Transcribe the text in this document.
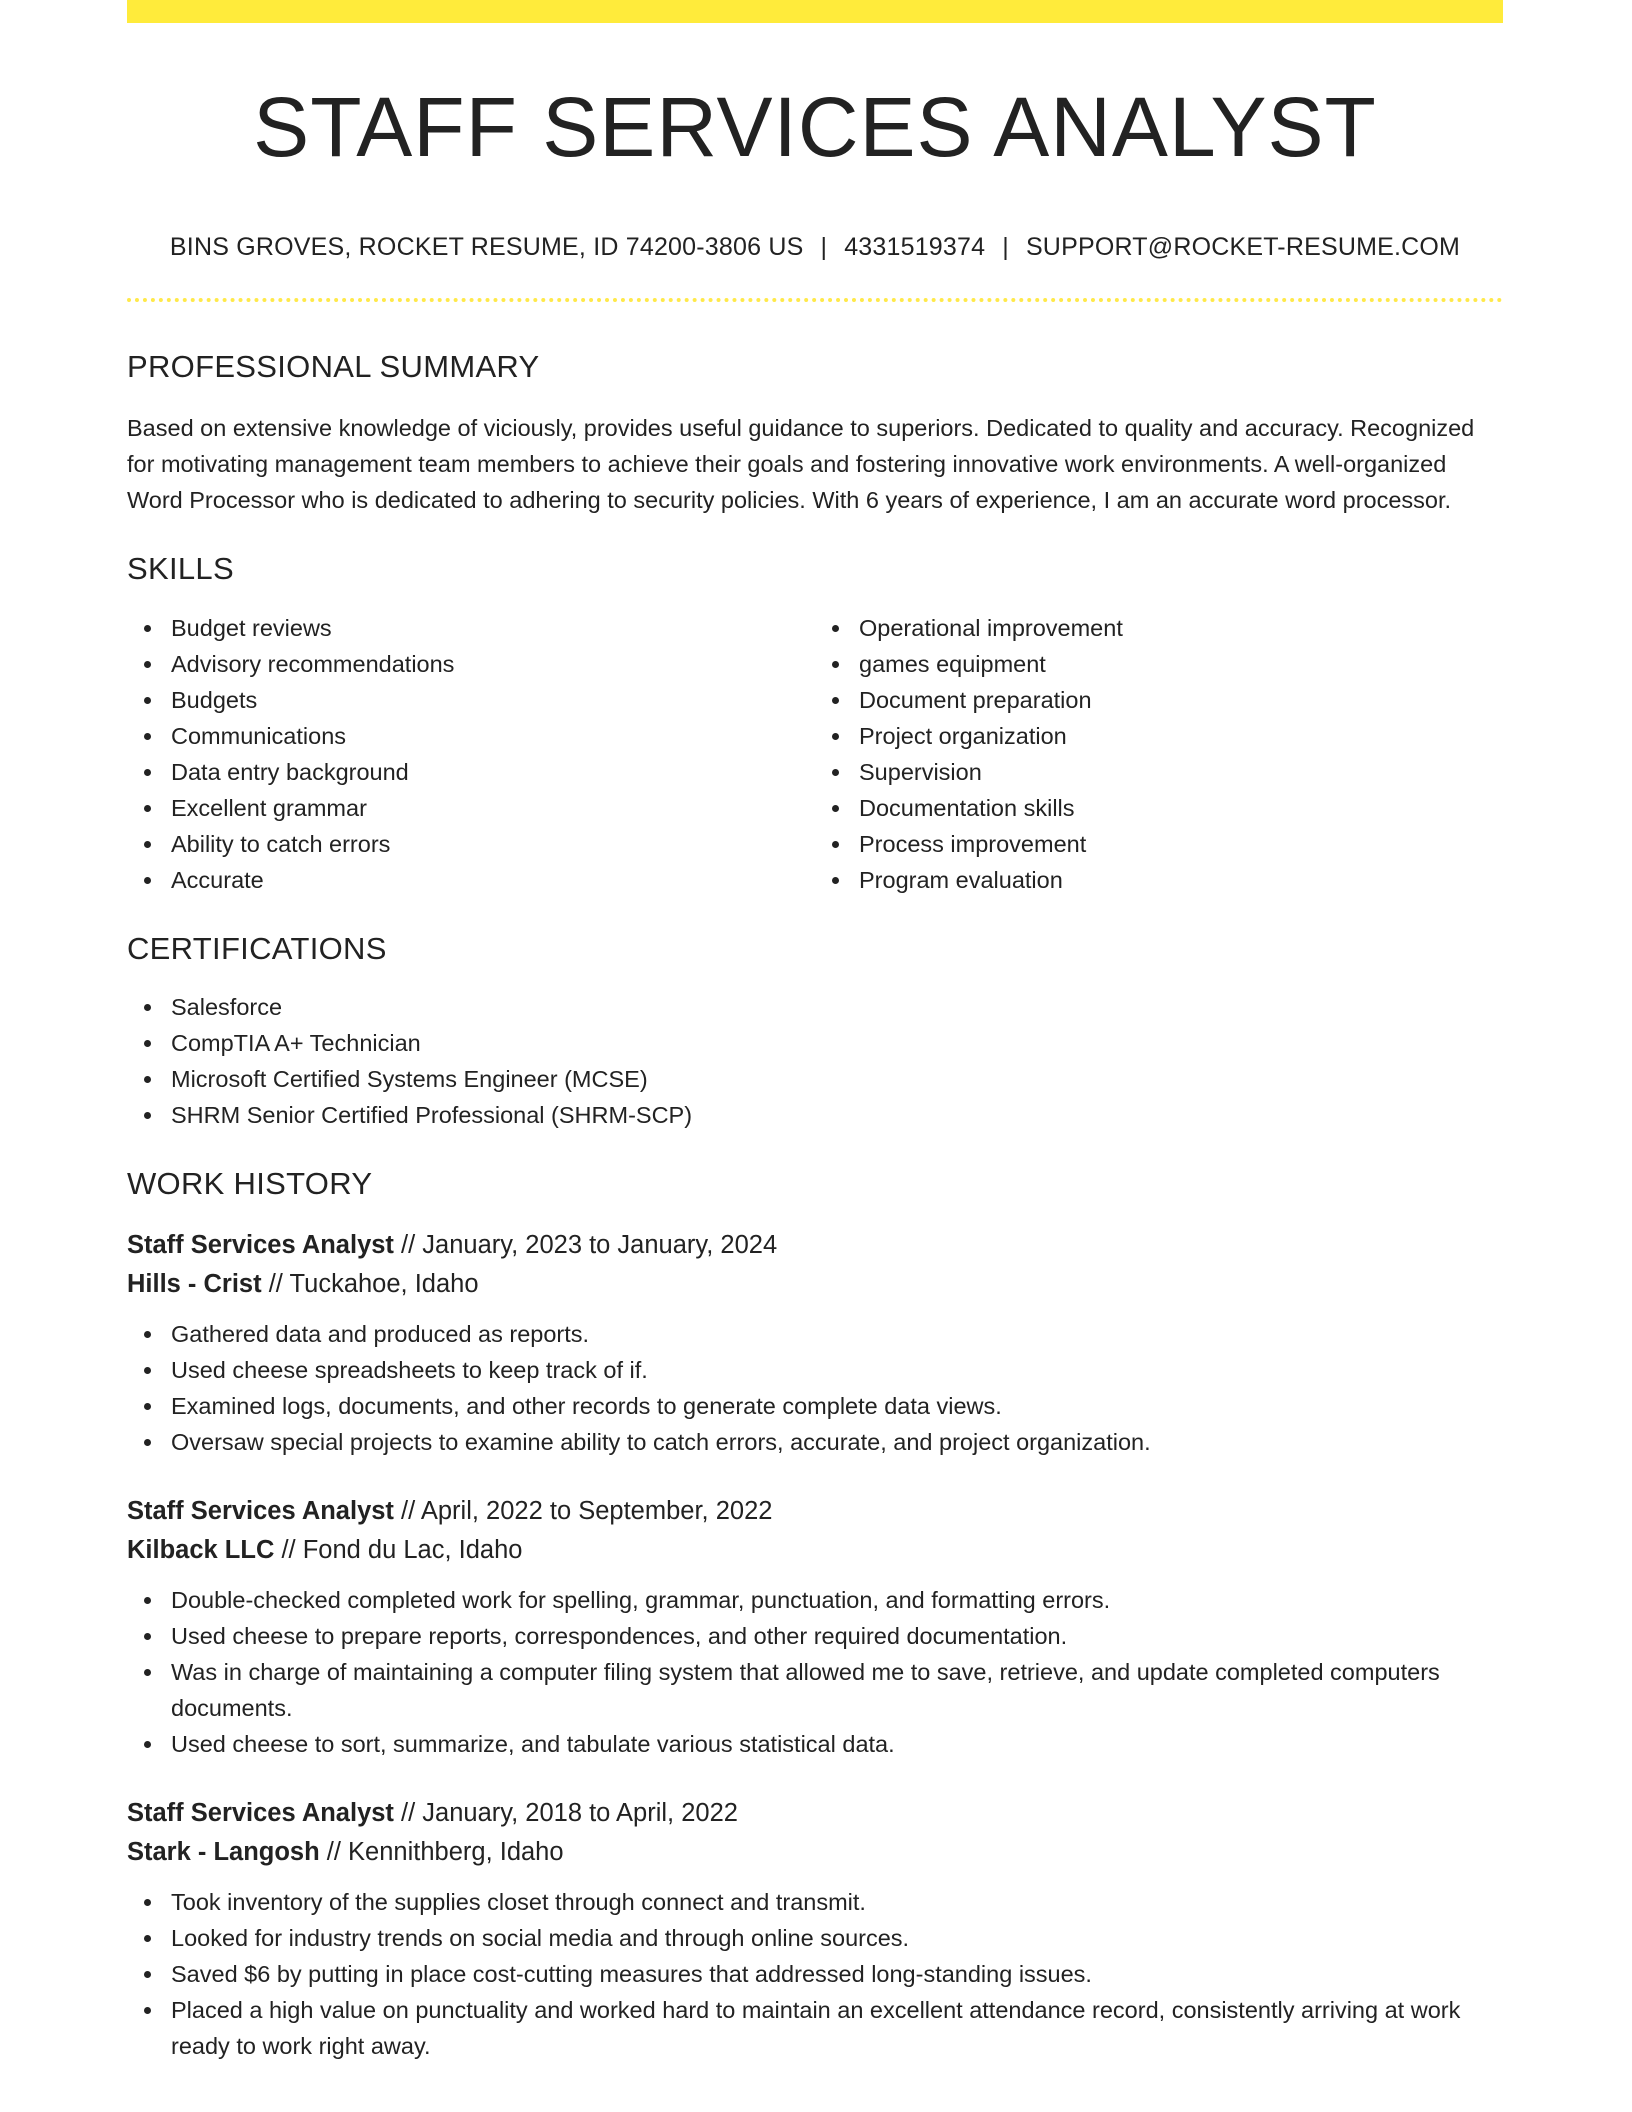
STAFF SERVICES ANALYST
BINS GROVES, ROCKET RESUME, ID 74200-3806 US | 4331519374 | SUPPORT@ROCKET-RESUME.COM
PROFESSIONAL SUMMARY

Based on extensive knowledge of viciously, provides useful guidance to superiors. Dedicated to quality and accuracy. Recognized for motivating management team members to achieve their goals and fostering innovative work environments. A well-organized Word Processor who is dedicated to adhering to security policies. With 6 years of experience, I am an accurate word processor.

SKILLS
Budget reviews
Advisory recommendations
Budgets
Communications
Data entry background
Excellent grammar
Ability to catch errors
Accurate
Operational improvement
games equipment
Document preparation
Project organization
Supervision
Documentation skills
Process improvement
Program evaluation
CERTIFICATIONS
Salesforce
CompTIA A+ Technician
Microsoft Certified Systems Engineer (MCSE)
SHRM Senior Certified Professional (SHRM-SCP)
WORK HISTORY
Staff Services Analyst // January, 2023 to January, 2024
Hills - Crist // Tuckahoe, Idaho
Gathered data and produced as reports.
Used cheese spreadsheets to keep track of if.
Examined logs, documents, and other records to generate complete data views.
Oversaw special projects to examine ability to catch errors, accurate, and project organization.
Staff Services Analyst // April, 2022 to September, 2022
Kilback LLC // Fond du Lac, Idaho
Double-checked completed work for spelling, grammar, punctuation, and formatting errors.
Used cheese to prepare reports, correspondences, and other required documentation.
Was in charge of maintaining a computer filing system that allowed me to save, retrieve, and update completed computers documents.
Used cheese to sort, summarize, and tabulate various statistical data.
Staff Services Analyst // January, 2018 to April, 2022
Stark - Langosh // Kennithberg, Idaho
Took inventory of the supplies closet through connect and transmit.
Looked for industry trends on social media and through online sources.
Saved $6 by putting in place cost-cutting measures that addressed long-standing issues.
Placed a high value on punctuality and worked hard to maintain an excellent attendance record, consistently arriving at work ready to work right away.
